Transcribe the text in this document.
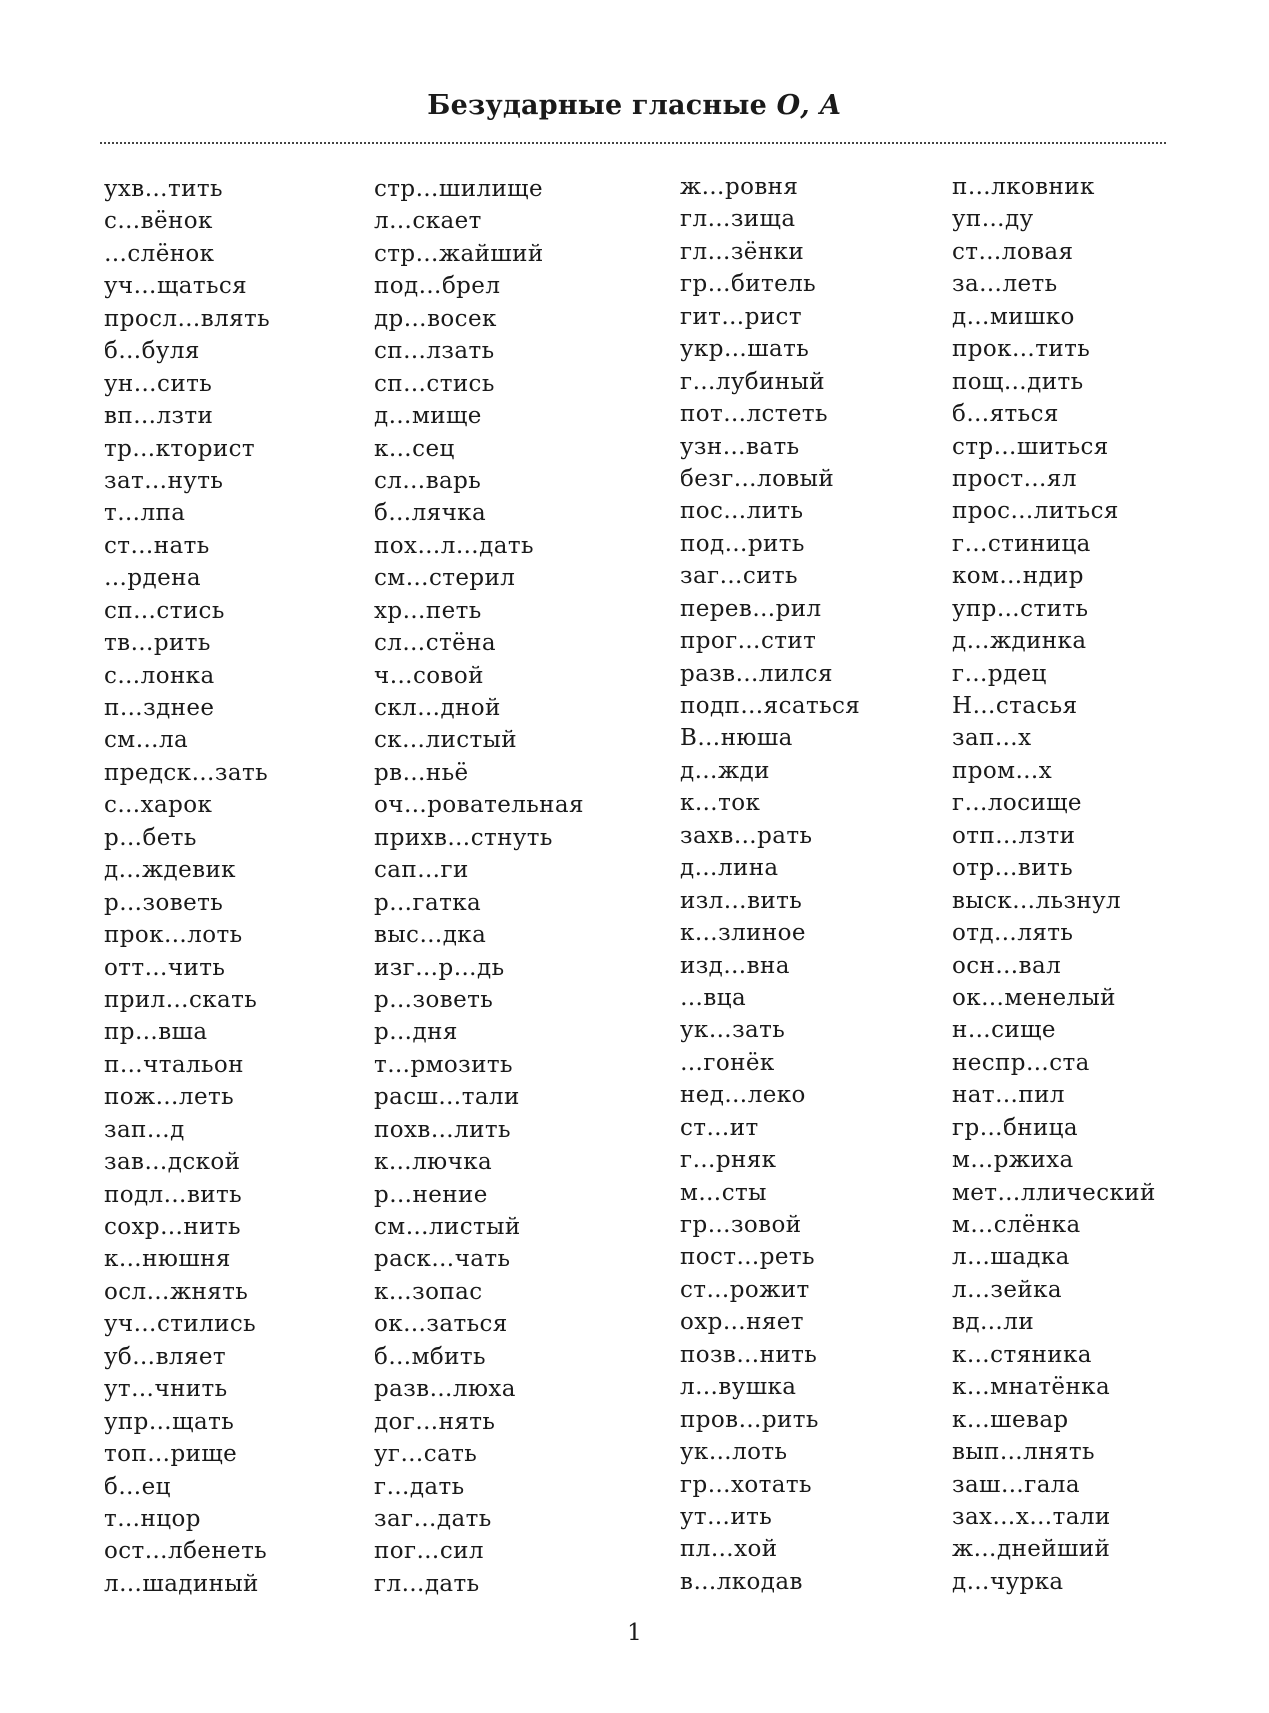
Безударные гласные О, А
ухв…тить
с…вёнок
…слёнок
уч…щаться
просл…влять
б…буля
ун…сить
вп…лзти
тр…кторист
зат…нуть
т…лпа
ст…нать
…рдена
сп…стись
тв…рить
с…лонка
п…зднее
см…ла
предск…зать
с…харок
р…беть
д…ждевик
р…зоветь
прок…лоть
отт…чить
прил…скать
пр…вша
п…чтальон
пож…леть
зап…д
зав…дской
подл…вить
сохр…нить
к…нюшня
осл…жнять
уч…стились
уб…вляет
ут…чнить
упр…щать
топ…рище
б…ец
т…нцор
ост…лбенеть
л…шадиный
стр…шилище
л…скает
стр…жайший
под…брел
др…восек
сп…лзать
сп…стись
д…мище
к…сец
сл…варь
б…лячка
пох…л…дать
см…стерил
хр…петь
сл…стёна
ч…совой
скл…дной
ск…листый
рв…ньё
оч…ровательная
прихв…стнуть
сап…ги
р…гатка
выс…дка
изг…р…дь
р…зоветь
р…дня
т…рмозить
расш…тали
похв…лить
к…лючка
р…нение
см…листый
раск…чать
к…зопас
ок…заться
б…мбить
разв…люха
дог…нять
уг…сать
г…дать
заг…дать
пог…сил
гл…дать
ж…ровня
гл…зища
гл…зёнки
гр…битель
гит…рист
укр…шать
г…лубиный
пот…лстеть
узн…вать
безг…ловый
пос…лить
под…рить
заг…сить
перев…рил
прог…стит
разв…лился
подп…ясаться
В…нюша
д…жди
к…ток
захв…рать
д…лина
изл…вить
к…злиное
изд…вна
…вца
ук…зать
…гонёк
нед…леко
ст…ит
г…рняк
м…сты
гр…зовой
пост…реть
ст…рожит
охр…няет
позв…нить
л…вушка
пров…рить
ук…лоть
гр…хотать
ут…ить
пл…хой
в…лкодав
п…лковник
уп…ду
ст…ловая
за…леть
д…мишко
прок…тить
пощ…дить
б…яться
стр…шиться
прост…ял
прос…литься
г…стиница
ком…ндир
упр…стить
д…ждинка
г…рдец
Н…стасья
зап…х
пром…х
г…лосище
отп…лзти
отр…вить
выск…льзнул
отд…лять
осн…вал
ок…менелый
н…сище
неспр…ста
нат…пил
гр…бница
м…ржиха
мет…ллический
м…слёнка
л…шадка
л…зейка
вд…ли
к…стяника
к…мнатёнка
к…шевар
вып…лнять
заш…гала
зах…х…тали
ж…днейший
д…чурка
1
